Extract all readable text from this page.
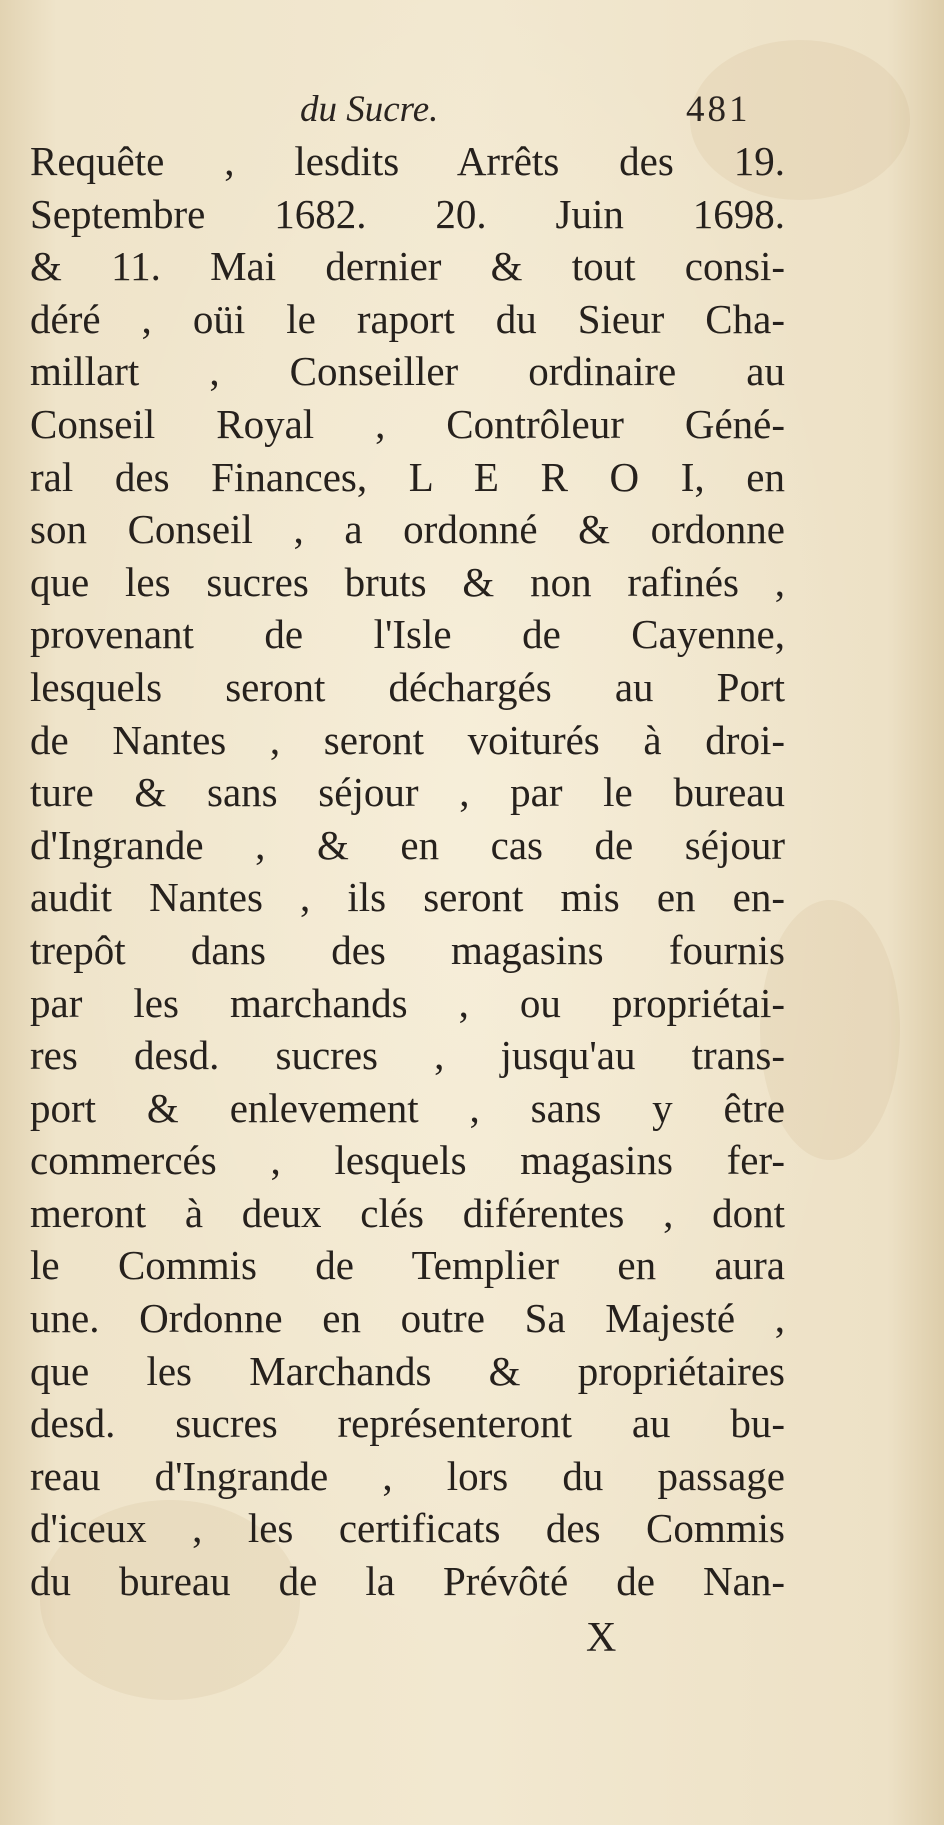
du Sucre.	481
Requête , lesdits Arrêts des 19.
Septembre 1682. 20. Juin 1698.
& 11. Mai dernier & tout consi-
déré , oüi le raport du Sieur Cha-
millart , Conseiller ordinaire au
Conseil Royal , Contrôleur Géné-
ral des Finances, L E R O I, en
son Conseil , a ordonné & ordonne
que les sucres bruts & non rafinés ,
provenant de l'Isle de Cayenne,
lesquels seront déchargés au Port
de Nantes , seront voiturés à droi-
ture & sans séjour , par le bureau
d'Ingrande , & en cas de séjour
audit Nantes , ils seront mis en en-
trepôt dans des magasins fournis
par les marchands , ou propriétai-
res desd. sucres , jusqu'au trans-
port & enlevement , sans y être
commercés , lesquels magasins fer-
meront à deux clés diférentes , dont
le Commis de Templier en aura
une. Ordonne en outre Sa Majesté ,
que les Marchands & propriétaires
desd. sucres représenteront au bu-
reau d'Ingrande , lors du passage
d'iceux , les certificats des Commis
du bureau de la Prévôté de Nan-
X
